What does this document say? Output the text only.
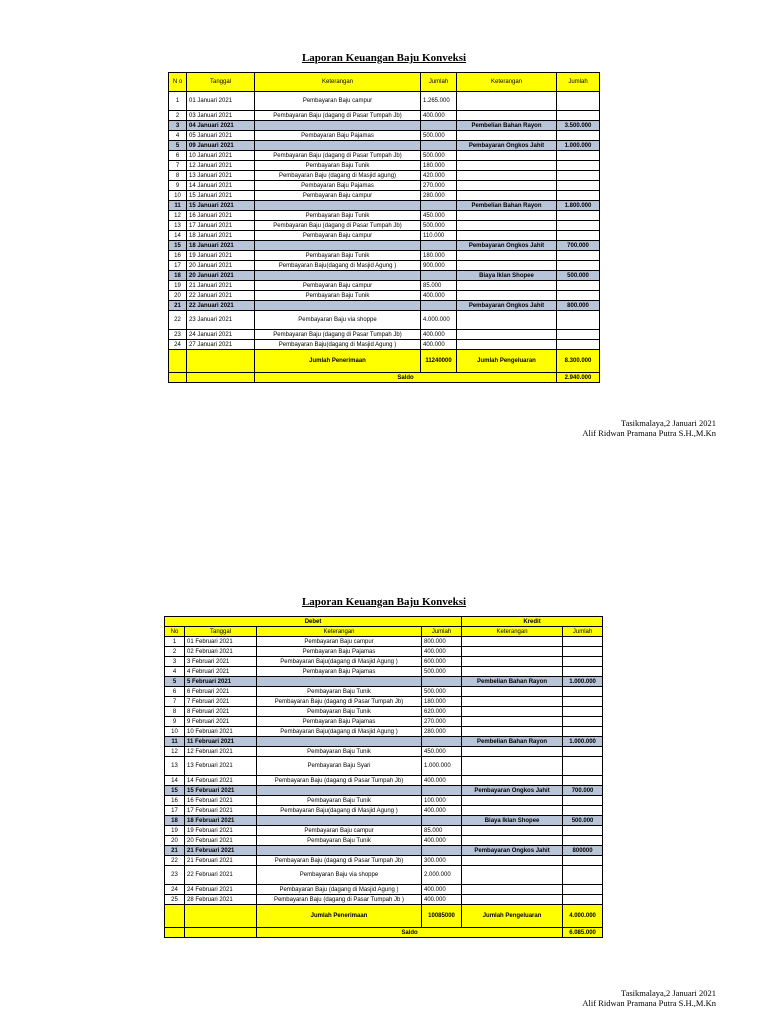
Laporan Keuangan Baju Konveksi
N o	Tanggal	Keterangan	Jumlah	Keterangan	Jumlah
1	01 Januari 2021	Pembayaran Baju campur	1.265.000		
2	03 Januari 2021	Pembayaran Baju (dagang di Pasar Tumpah Jb)	400.000		
3	04 Januari 2021			Pembelian Bahan Rayon	3.500.000
4	05 Januari 2021	Pembayaran Baju Pajamas	500.000		
5	09 Januari 2021			Pembayaran Ongkos Jahit	1.000.000
6	10 Januari 2021	Pembayaran Baju (dagang di Pasar Tumpah Jb)	500.000		
7	12 Januari 2021	Pembayaran Baju Tunik	180.000		
8	13 Januari 2021	Pembayaran Baju (dagang di Masjid agung)	420.000		
9	14 Januari 2021	Pembayaran Baju Pajamas	270.000		
10	15 Januari 2021	Pembayaran Baju campur	280.000		
11	15 Januari 2021			Pembelian Bahan Rayon	1.800.000
12	16 Januari 2021	Pembayaran Baju Tunik	450.000		
13	17 Januari 2021	Pembayaran Baju (dagang di Pasar Tumpah Jb)	500.000		
14	18 Januari 2021	Pembayaran Baju campur	110.000		
15	18 Januari 2021			Pembayaran Ongkos Jahit	700.000
16	19 Januari 2021	Pembayaran Baju Tunik	180.000		
17	20 Januari 2021	Pembayaran Baju(dagang di Masjid Agung )	900.000		
18	20 Januari 2021			Biaya Iklan Shopee	500.000
19	21 Januari 2021	Pembayaran Baju campur	85.000		
20	22 Januari 2021	Pembayaran Baju Tunik	400.000		
21	22 Januari 2021			Pembayaran Ongkos Jahit	800.000
22	23 Januari 2021	Pembayaran Baju via shoppe	4.000.000		
23	24 Januari 2021	Pembayaran Baju (dagang di Pasar Tumpah Jb)	400.000		
24	27 Januari 2021	Pembayaran Baju(dagang di Masjid Agung )	400.000		
		Jumlah Penerimaan	11240000	Jumlah Pengeluaran	8.300.000
		Saldo			2.940.000
Tasikmalaya,2 Januari 2021
Alif Ridwan Pramana Putra S.H.,M.Kn
Laporan Keuangan Baju Konveksi
Debet				Kredit	
No	Tanggal	Keterangan	Jumlah	Keterangan	Jumlah
1	01 Februari 2021	Pembayaran Baju campur	800.000		
2	02 Februari 2021	Pembayaran Baju Pajamas	400.000		
3	3 Februari 2021	Pembayaran Baju(dagang di Masjid Agung )	600.000		
4	4 Februari 2021	Pembayaran Baju Pajamas	500.000		
5	5 Februari 2021			Pembelian Bahan Rayon	1.000.000
6	6 Februari 2021	Pembayaran Baju Tunik	500.000		
7	7 Februari 2021	Pembayaran Baju (dagang di Pasar Tumpah Jb)	180.000		
8	8 Februari 2021	Pembayaran Baju Tunik	620.000		
9	9 Februari 2021	Pembayaran Baju Pajamas	270.000		
10	10 Februari 2021	Pembayaran Baju(dagang di Masjid Agung )	280.000		
11	11 Februari 2021			Pembelian Bahan Rayon	1.000.000
12	12 Februari 2021	Pembayaran Baju Tunik	450.000		
13	13 Februari 2021	Pembayaran Baju Syari	1.000.000		
14	14 Februari 2021	Pembayaran Baju (dagang di Pasar Tumpah Jb)	400.000		
15	15 Februari 2021			Pembayaran Ongkos Jahit	700.000
16	16 Februari 2021	Pembayaran Baju Tunik	100.000		
17	17 Februari 2021	Pembayaran Baju(dagang di Masjid Agung )	400.000		
18	18 Februari 2021			Biaya Iklan Shopee	500.000
19	19 Februari 2021	Pembayaran Baju campur	85.000		
20	20 Februari 2021	Pembayaran Baju Tunik	400.000		
21	21 Februari 2021			Pembayaran Ongkos Jahit	800000
22	21 Februari 2021	Pembayaran Baju (dagang di Pasar Tumpah Jb)	300.000		
23	22 Februari 2021	Pembayaran Baju via shoppe	2.000.000		
24	24 Februari 2021	Pembayaran Baju (dagang di Masjid Agung )	400.000		
25	28 Februari 2021	Pembayaran Baju (dagang di Pasar Tumpah Jb )	400.000		
		Jumlah Penerimaan	10085000	Jumlah Pengeluaran	4.000.000
		Saldo			6.085.000
Tasikmalaya,2 Januari 2021
Alif Ridwan Pramana Putra S.H.,M.Kn
